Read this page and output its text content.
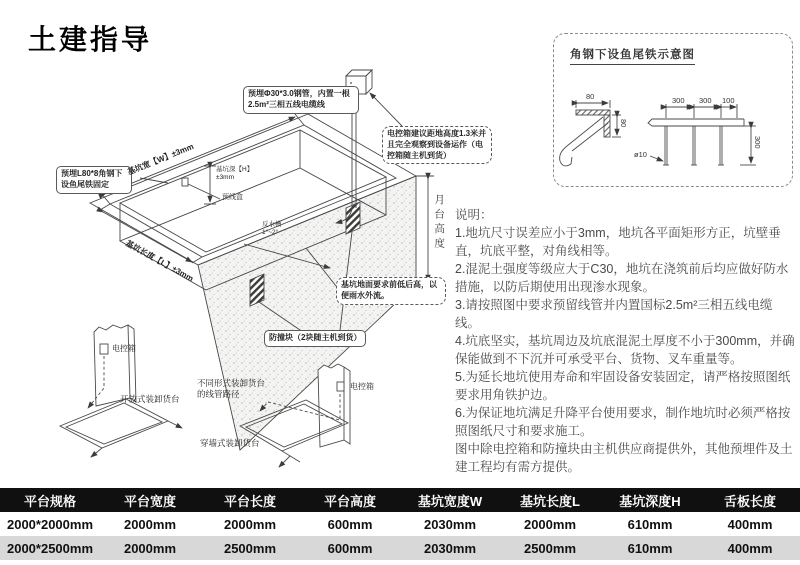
土建指导	角钢下设鱼尾铁示意图
80
80
300 300 100
300
ø10
预埋Φ30*3.0钢管，内置一根2.5m²三相五线电缆线
电控箱建议距地高度1.3米并且完全观察到设备运作（电控箱随主机到货）
预埋L80*8角钢下设鱼尾铁固定
基坑地面要求前低后高，以便雨水外流。
防撞块（2块随主机到货）
基坑宽【W】±3mm
基坑长度【L】±3mm
基坑深【H】±3mm
预线盒
反水槽1°~2°	月台高度
电控箱
电控箱
开放式装卸货台
穿墙式装卸货台
不同形式装卸货台的线管路径

说明：

1.地坑尺寸误差应小于3mm，地坑各平面矩形方正，坑壁垂直，坑底平整，对角线相等。

2.混泥土强度等级应大于C30，地坑在浇筑前后均应做好防水措施，以防后期使用出现渗水现象。

3.请按照图中要求预留线管并内置国标2.5m²三相五线电缆线。

4.坑底坚实，基坑周边及坑底混泥土厚度不小于300mm，并确保能做到不下沉并可承受平台、货物、叉车重量等。

5.为延长地坑使用寿命和牢固设备安装固定，请严格按照图纸要求用角铁护边。

6.为保证地坑满足升降平台使用要求，制作地坑时必须严格按照图纸尺寸和要求施工。

图中除电控箱和防撞块由主机供应商提供外，其他预埋件及土建工程均有需方提供。

平台规格	平台宽度	平台长度	平台高度	基坑宽度W	基坑长度L	基坑深度H	舌板长度
2000*2000mm	2000mm	2000mm	600mm	2030mm	2000mm	610mm	400mm
2000*2500mm	2000mm	2500mm	600mm	2030mm	2500mm	610mm	400mm
